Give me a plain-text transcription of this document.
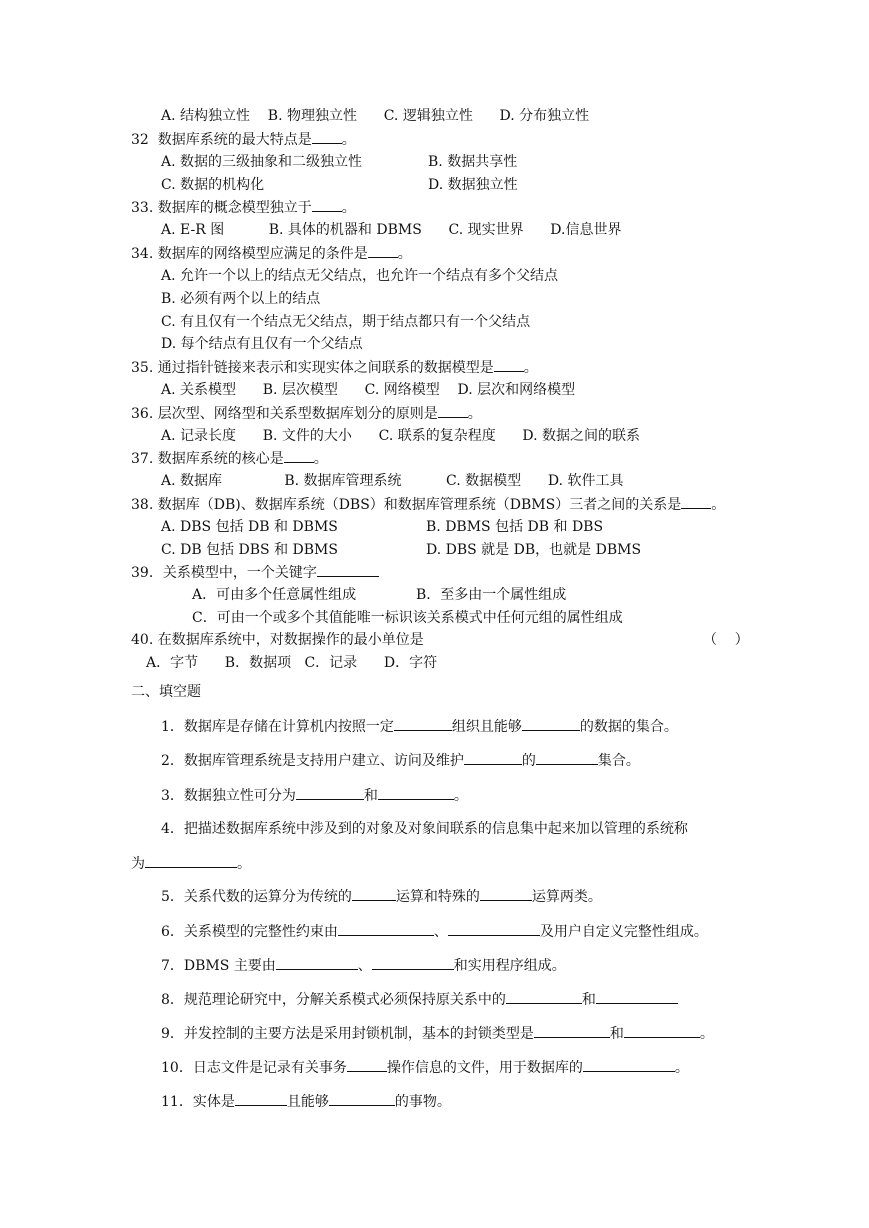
A. 结构独立性    B. 物理独立性      C. 逻辑独立性      D. 分布独立性
32  数据库系统的最大特点是 。
A. 数据的三级抽象和二级独立性	B. 数据共享性
C. 数据的机构化	D. 数据独立性
33. 数据库的概念模型独立于 。
A. E-R 图          B. 具体的机器和 DBMS      C. 现实世界      D.信息世界
34. 数据库的网络模型应满足的条件是 。
A. 允许一个以上的结点无父结点，也允许一个结点有多个父结点
B. 必须有两个以上的结点
C. 有且仅有一个结点无父结点，期于结点都只有一个父结点
D. 每个结点有且仅有一个父结点
35. 通过指针链接来表示和实现实体之间联系的数据模型是 。
A. 关系模型      B. 层次模型      C. 网络模型    D. 层次和网络模型
36. 层次型、网络型和关系型数据库划分的原则是 。
A. 记录长度      B. 文件的大小      C. 联系的复杂程度      D. 数据之间的联系
37. 数据库系统的核心是 。
A. 数据库              B. 数据库管理系统          C. 数据模型      D. 软件工具
38. 数据库（DB)、数据库系统（DBS）和数据库管理系统（DBMS）三者之间的关系是 。
A. DBS 包括 DB 和 DBMS	B. DBMS 包括 DB 和 DBS
C. DB 包括 DBS 和 DBMS	D. DBS 就是 DB，也就是 DBMS
39．关系模型中，一个关键字
A．可由多个任意属性组成	B．至多由一个属性组成
C．可由一个或多个其值能唯一标识该关系模式中任何元组的属性组成
40. 在数据库系统中，对数据操作的最小单位是	（    ）
A．字节      B．数据项   C．记录      D．字符
二、填空题
1．数据库是存储在计算机内按照一定	组织且能够	的数据的集合。
2．数据库管理系统是支持用户建立、访问及维护	的	集合。
3．数据独立性可分为	和	。
4．把描述数据库系统中涉及到的对象及对象间联系的信息集中起来加以管理的系统称
为	。
5．关系代数的运算分为传统的	运算和特殊的	运算两类。
6．关系模型的完整性约束由	、	及用户自定义完整性组成。
7．DBMS 主要由	、	和实用程序组成。
8．规范理论研究中，分解关系模式必须保持原关系中的	和
9．并发控制的主要方法是采用封锁机制，基本的封锁类型是	和	。
10．日志文件是记录有关事务	操作信息的文件，用于数据库的	。
11．实体是	且能够	的事物。
